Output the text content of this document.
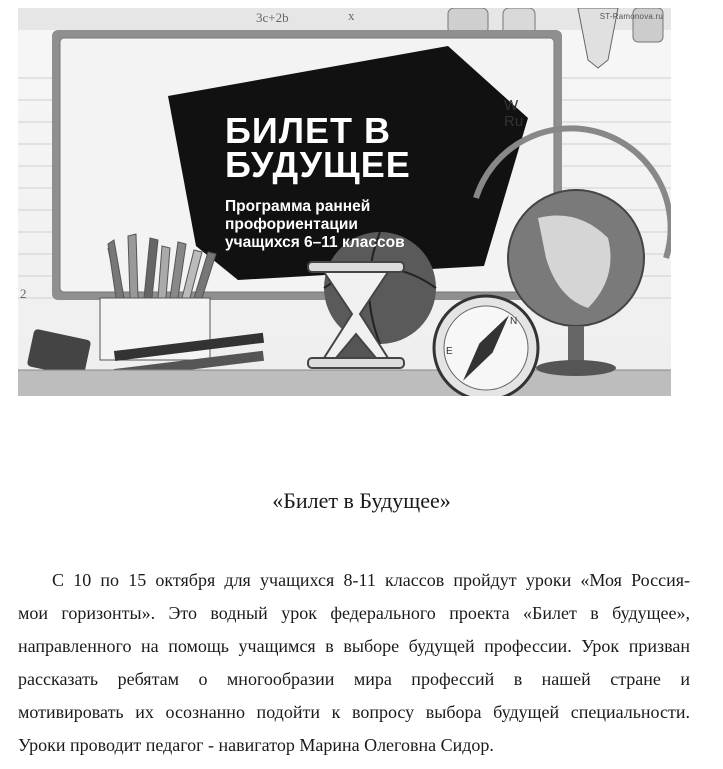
3c+2b	x
N
E
2
БИЛЕТ В
БУДУЩЕЕ
Программа ранней
профориентации
учащихся 6–11 классов
W
Ru
ST-Ramonova.ru
«Билет в Будущее»
С 10 по 15 октября для учащихся 8-11 классов пройдут уроки «Моя Россия-
мои горизонты». Это водный урок федерального проекта «Билет в будущее»,
направленного на помощь учащимся в выборе будущей профессии. Урок призван
рассказать ребятам о многообразии мира профессий в нашей стране и
мотивировать их осознанно подойти к вопросу выбора будущей специальности.
Уроки проводит педагог - навигатор Марина Олеговна Сидор.
